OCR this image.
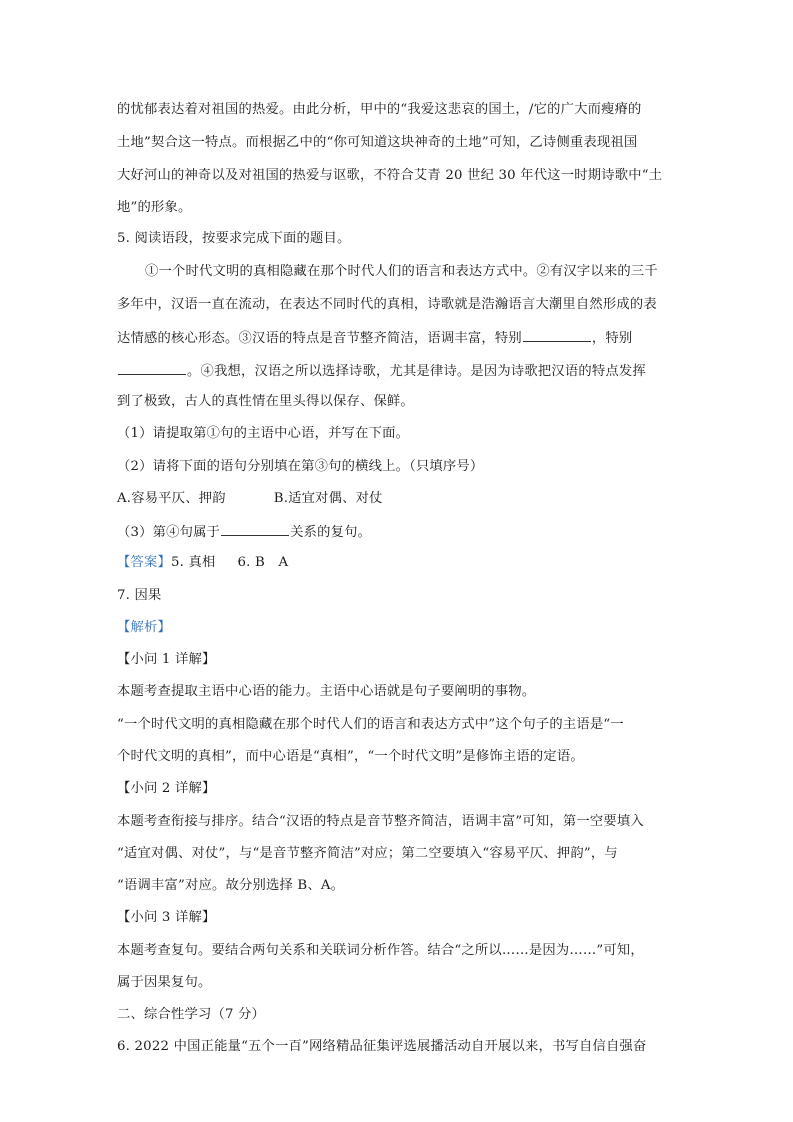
的忧郁表达着对祖国的热爱。由此分析，甲中的“我爱这悲哀的国土，/它的广大而瘦瘠的
土地”契合这一特点。而根据乙中的“你可知道这块神奇的土地”可知，乙诗侧重表现祖国
大好河山的神奇以及对祖国的热爱与讴歌，不符合艾青 20 世纪 30 年代这一时期诗歌中“土
地”的形象。
5. 阅读语段，按要求完成下面的题目。
①一个时代文明的真相隐藏在那个时代人们的语言和表达方式中。②有汉字以来的三千
多年中，汉语一直在流动，在表达不同时代的真相，诗歌就是浩瀚语言大潮里自然形成的表
达情感的核心形态。③汉语的特点是音节整齐简洁，语调丰富，特别	，特别
。④我想，汉语之所以选择诗歌，尤其是律诗。是因为诗歌把汉语的特点发挥
到了极致，古人的真性情在里头得以保存、保鲜。
（1）请提取第①句的主语中心语，并写在下面。
（2）请将下面的语句分别填在第③句的横线上。（只填序号）
A.容易平仄、押韵	B.适宜对偶、对仗
（3）第④句属于	关系的复句。
【答案】5. 真相 6. B　A
7. 因果
【解析】
【小问 1 详解】
本题考查提取主语中心语的能力。主语中心语就是句子要阐明的事物。
“一个时代文明的真相隐藏在那个时代人们的语言和表达方式中”这个句子的主语是“一
个时代文明的真相”，而中心语是“真相”，“一个时代文明”是修饰主语的定语。
【小问 2 详解】
本题考查衔接与排序。结合“汉语的特点是音节整齐简洁，语调丰富”可知，第一空要填入
“适宜对偶、对仗”，与“是音节整齐简洁”对应；第二空要填入“容易平仄、押韵”，与
“语调丰富”对应。故分别选择 B、A。
【小问 3 详解】
本题考查复句。要结合两句关系和关联词分析作答。结合“之所以……是因为……”可知，
属于因果复句。
二、综合性学习（7 分）
6. 2022 中国正能量“五个一百”网络精品征集评选展播活动自开展以来，书写自信自强奋
